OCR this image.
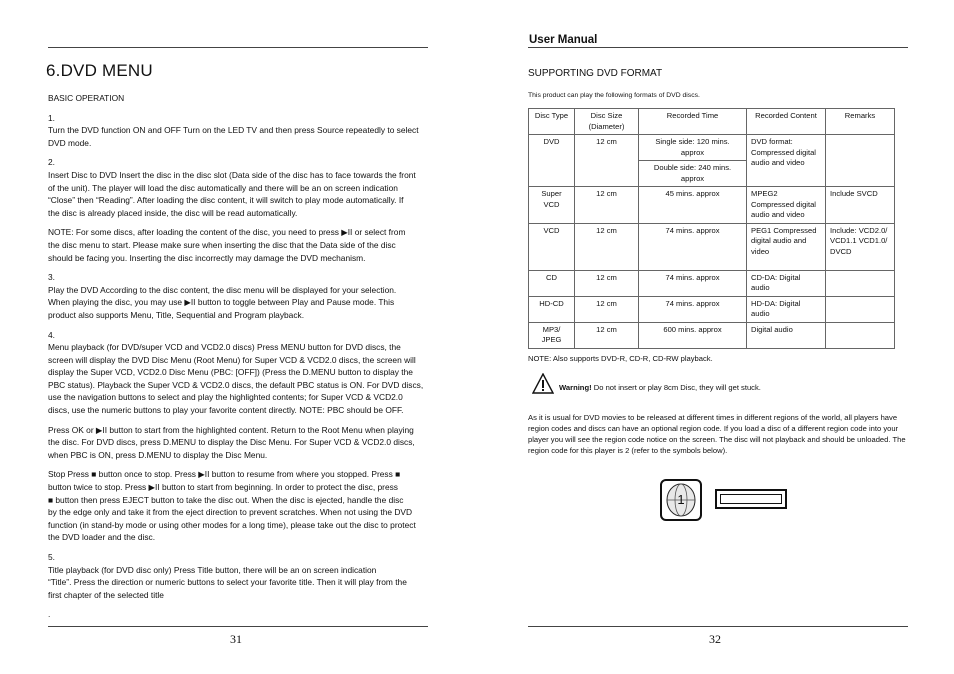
6.DVD MENU

BASIC OPERATION

1.

Turn the DVD function ON and OFF Turn on the LED TV and then press Source repeatedly to select

DVD mode.

2.

Insert Disc to DVD Insert the disc in the disc slot (Data side of the disc has to face towards the front

of the unit). The player will load the disc automatically and there will be an on screen indication

“Close” then “Reading”. After loading the disc content, it will switch to play mode automatically. If

the disc is already placed inside, the disc will be read automatically.

NOTE: For some discs, after loading the content of the disc, you need to press ▶II or select from

the disc menu to start. Please make sure when inserting the disc that the Data side of the disc

should be facing you. Inserting the disc incorrectly may damage the DVD mechanism.

3.

Play the DVD According to the disc content, the disc menu will be displayed for your selection.

When playing the disc, you may use ▶II button to toggle between Play and Pause mode. This

product also supports Menu, Title, Sequential and Program playback.

4.

Menu playback (for DVD/super VCD and VCD2.0 discs) Press MENU button for DVD discs, the

screen will display the DVD Disc Menu (Root Menu) for Super VCD & VCD2.0 discs, the screen will

display the Super VCD, VCD2.0 Disc Menu (PBC: [OFF]) (Press the D.MENU button to display the

PBC status). Playback the Super VCD & VCD2.0 discs, the default PBC status is ON. For DVD discs,

use the navigation buttons to select and play the highlighted contents; for Super VCD & VCD2.0

discs, use the numeric buttons to play your favorite content directly. NOTE: PBC should be OFF.

Press OK or ▶II button to start from the highlighted content. Return to the Root Menu when playing

the disc. For DVD discs, press D.MENU to display the Disc Menu. For Super VCD & VCD2.0 discs,

when PBC is ON, press D.MENU to display the Disc Menu.

Stop Press ■ button once to stop. Press ▶II button to resume from where you stopped. Press ■

button twice to stop. Press ▶II button to start from beginning. In order to protect the disc, press

■ button then press EJECT button to take the disc out. When the disc is ejected, handle the disc

by the edge only and take it from the eject direction to prevent scratches. When not using the DVD

function (in stand-by mode or using other modes for a long time), please take out the disc to protect

the DVD loader and the disc.

5.

Title playback (for DVD disc only) Press Title button, there will be an on screen indication

“Title”. Press the direction or numeric buttons to select your favorite title. Then it will play from the

first chapter of the selected title

.

31
User Manual
SUPPORTING DVD FORMAT
This product can play the following formats of DVD discs.
Disc Type	Disc Size (Diameter)	Recorded Time	Recorded Content	Remarks
DVD	12 cm	Single side: 120 mins. approx	DVD format: Compressed digital audio and video	
		Double side: 240 mins. approx		
Super VCD	12 cm	45 mins. approx	MPEG2 Compressed digital audio and video	Include SVCD
VCD	12 cm	74 mins. approx	PEG1 Compressed digital audio and video	Include: VCD2.0/ VCD1.1 VCD1.0/ DVCD
CD	12 cm	74 mins. approx	CD-DA: Digital audio	
HD-CD	12 cm	74 mins. approx	HD-DA: Digital audio	
MP3/ JPEG	12 cm	600 mins. approx	Digital audio	
NOTE: Also supports DVD-R, CD-R, CD-RW playback.
Warning! Do not insert or play 8cm Disc, they will get stuck.
As it is usual for DVD movies to be released at different times in different regions of the world, all players have
region codes and discs can have an optional region code. If you load a disc of a different region code into your
player you will see the region code notice on the screen. The disc will not playback and should be unloaded. The
region code for this player is 2 (refer to the symbols below).
1
32
